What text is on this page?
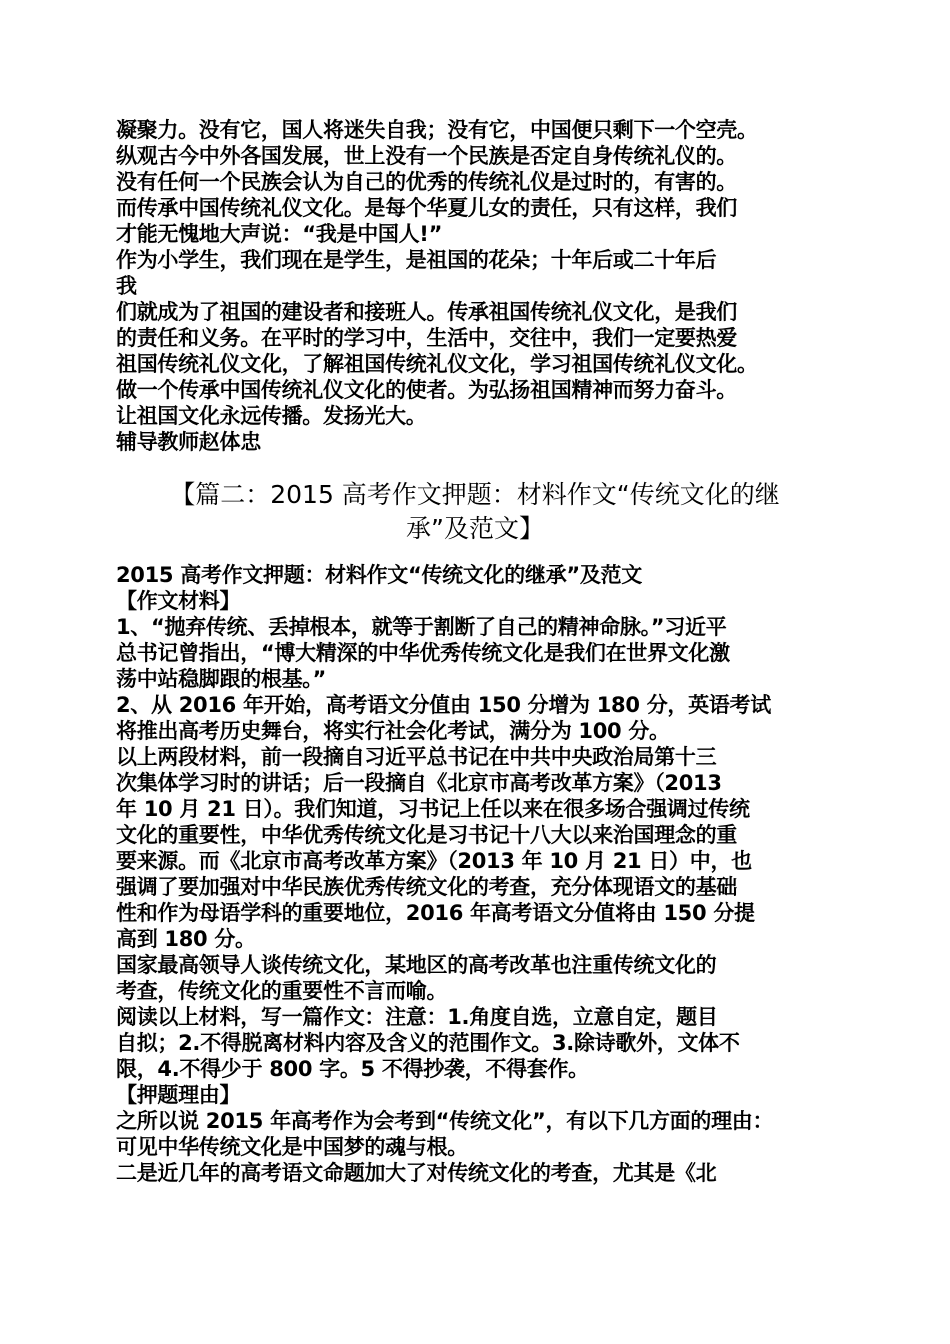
凝聚力。没有它，国人将迷失自我；没有它，中国便只剩下一个空壳。
纵观古今中外各国发展，世上没有一个民族是否定自身传统礼仪的。
没有任何一个民族会认为自己的优秀的传统礼仪是过时的，有害的。
而传承中国传统礼仪文化。是每个华夏儿女的责任，只有这样，我们
才能无愧地大声说：“我是中国人!”
作为小学生，我们现在是学生，是祖国的花朵；十年后或二十年后
我
们就成为了祖国的建设者和接班人。传承祖国传统礼仪文化，是我们
的责任和义务。在平时的学习中，生活中，交往中，我们一定要热爱
祖国传统礼仪文化，了解祖国传统礼仪文化，学习祖国传统礼仪文化。
做一个传承中国传统礼仪文化的使者。为弘扬祖国精神而努力奋斗。
让祖国文化永远传播。发扬光大。
辅导教师赵体忠
【篇二：2015 高考作文押题：材料作文“传统文化的继
承”及范文】
2015 高考作文押题：材料作文“传统文化的继承”及范文
【作文材料】
1、“抛弃传统、丢掉根本，就等于割断了自己的精神命脉。”习近平
总书记曾指出，“博大精深的中华优秀传统文化是我们在世界文化激
荡中站稳脚跟的根基。”
2、从 2016 年开始，高考语文分值由 150 分增为 180 分，英语考试
将推出高考历史舞台，将实行社会化考试，满分为 100 分。
以上两段材料，前一段摘自习近平总书记在中共中央政治局第十三
次集体学习时的讲话；后一段摘自《北京市高考改革方案》（2013
年 10 月 21 日）。我们知道，习书记上任以来在很多场合强调过传统
文化的重要性，中华优秀传统文化是习书记十八大以来治国理念的重
要来源。而《北京市高考改革方案》（2013 年 10 月 21 日）中，也
强调了要加强对中华民族优秀传统文化的考查，充分体现语文的基础
性和作为母语学科的重要地位，2016 年高考语文分值将由 150 分提
高到 180 分。
国家最高领导人谈传统文化，某地区的高考改革也注重传统文化的
考查，传统文化的重要性不言而喻。
阅读以上材料，写一篇作文：注意：1.角度自选，立意自定，题目
自拟；2.不得脱离材料内容及含义的范围作文。3.除诗歌外，文体不
限，4.不得少于 800 字。5 不得抄袭，不得套作。
【押题理由】
之所以说 2015 年高考作为会考到“传统文化”，有以下几方面的理由：
可见中华传统文化是中国梦的魂与根。
二是近几年的高考语文命题加大了对传统文化的考查，尤其是《北
